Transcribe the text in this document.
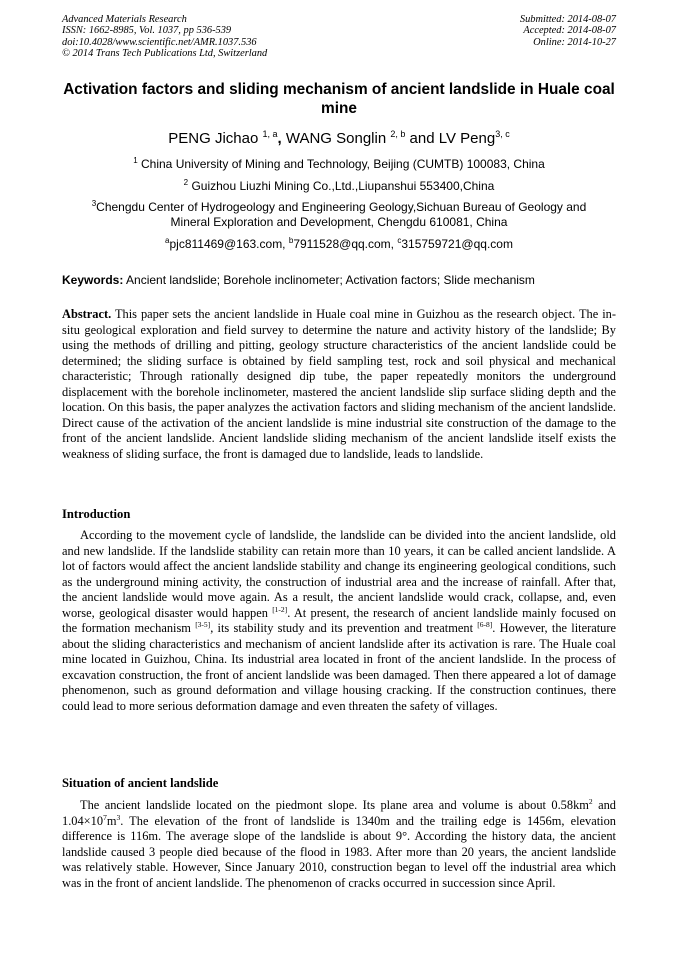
Advanced Materials Research
ISSN: 1662-8985, Vol. 1037, pp 536-539
doi:10.4028/www.scientific.net/AMR.1037.536
© 2014 Trans Tech Publications Ltd, Switzerland
Submitted: 2014-08-07
Accepted: 2014-08-07
Online: 2014-10-27
Activation factors and sliding mechanism of ancient landslide in Huale coal mine
PENG Jichao $^{1, a}$, WANG Songlin $^{2, b}$ and LV Peng$^{3, c}$
$^1$ China University of Mining and Technology, Beijing (CUMTB) 100083, China
$^2$ Guizhou Liuzhi Mining Co.,Ltd.,Liupanshui 553400,China
$^3$Chengdu Center of Hydrogeology and Engineering Geology,Sichuan Bureau of Geology and Mineral Exploration and Development, Chengdu 610081, China
$^a$pjc811469@163.com, $^b$7911528@qq.com, $^c$315759721@qq.com
Keywords: Ancient landslide; Borehole inclinometer; Activation factors; Slide mechanism
Abstract. This paper sets the ancient landslide in Huale coal mine in Guizhou as the research object. The in-situ geological exploration and field survey to determine the nature and activity history of the landslide; By using the methods of drilling and pitting, geology structure characteristics of the ancient landslide could be determined; the sliding surface is obtained by field sampling test, rock and soil physical and mechanical characteristic; Through rationally designed dip tube, the paper repeatedly monitors the underground displacement with the borehole inclinometer, mastered the ancient landslide slip surface sliding depth and the location. On this basis, the paper analyzes the activation factors and sliding mechanism of the ancient landslide. Direct cause of the activation of the ancient landslide is mine industrial site construction of the damage to the front of the ancient landslide. Ancient landslide sliding mechanism of the ancient landslide itself exists the weakness of sliding surface, the front is damaged due to landslide, leads to landslide.
Introduction
According to the movement cycle of landslide, the landslide can be divided into the ancient landslide, old and new landslide. If the landslide stability can retain more than 10 years, it can be called ancient landslide. A lot of factors would affect the ancient landslide stability and change its engineering geological conditions, such as the underground mining activity, the construction of industrial area and the increase of rainfall. After that, the ancient landslide would move again. As a result, the ancient landslide would crack, collapse, and, even worse, geological disaster would happen [1-2]. At present, the research of ancient landslide mainly focused on the formation mechanism [3-5], its stability study and its prevention and treatment [6-8]. However, the literature about the sliding characteristics and mechanism of ancient landslide after its activation is rare. The Huale coal mine located in Guizhou, China. Its industrial area located in front of the ancient landslide. In the process of excavation construction, the front of ancient landslide was been damaged. Then there appeared a lot of damage phenomenon, such as ground deformation and village housing cracking. If the construction continues, there could lead to more serious deformation damage and even threaten the safety of villages.
Situation of ancient landslide
The ancient landslide located on the piedmont slope. Its plane area and volume is about $0.58km^2$ and $1.04\times 10^7m^3$. The elevation of the front of landslide is 1340m and the trailing edge is 1456m, elevation difference is 116m. The average slope of the landslide is about 9°. According the history data, the ancient landslide caused 3 people died because of the flood in 1983. After more than 20 years, the ancient landslide was relatively stable. However, Since January 2010, construction began to level off the industrial area which was in the front of ancient landslide. The phenomenon of cracks occurred in succession since April.
